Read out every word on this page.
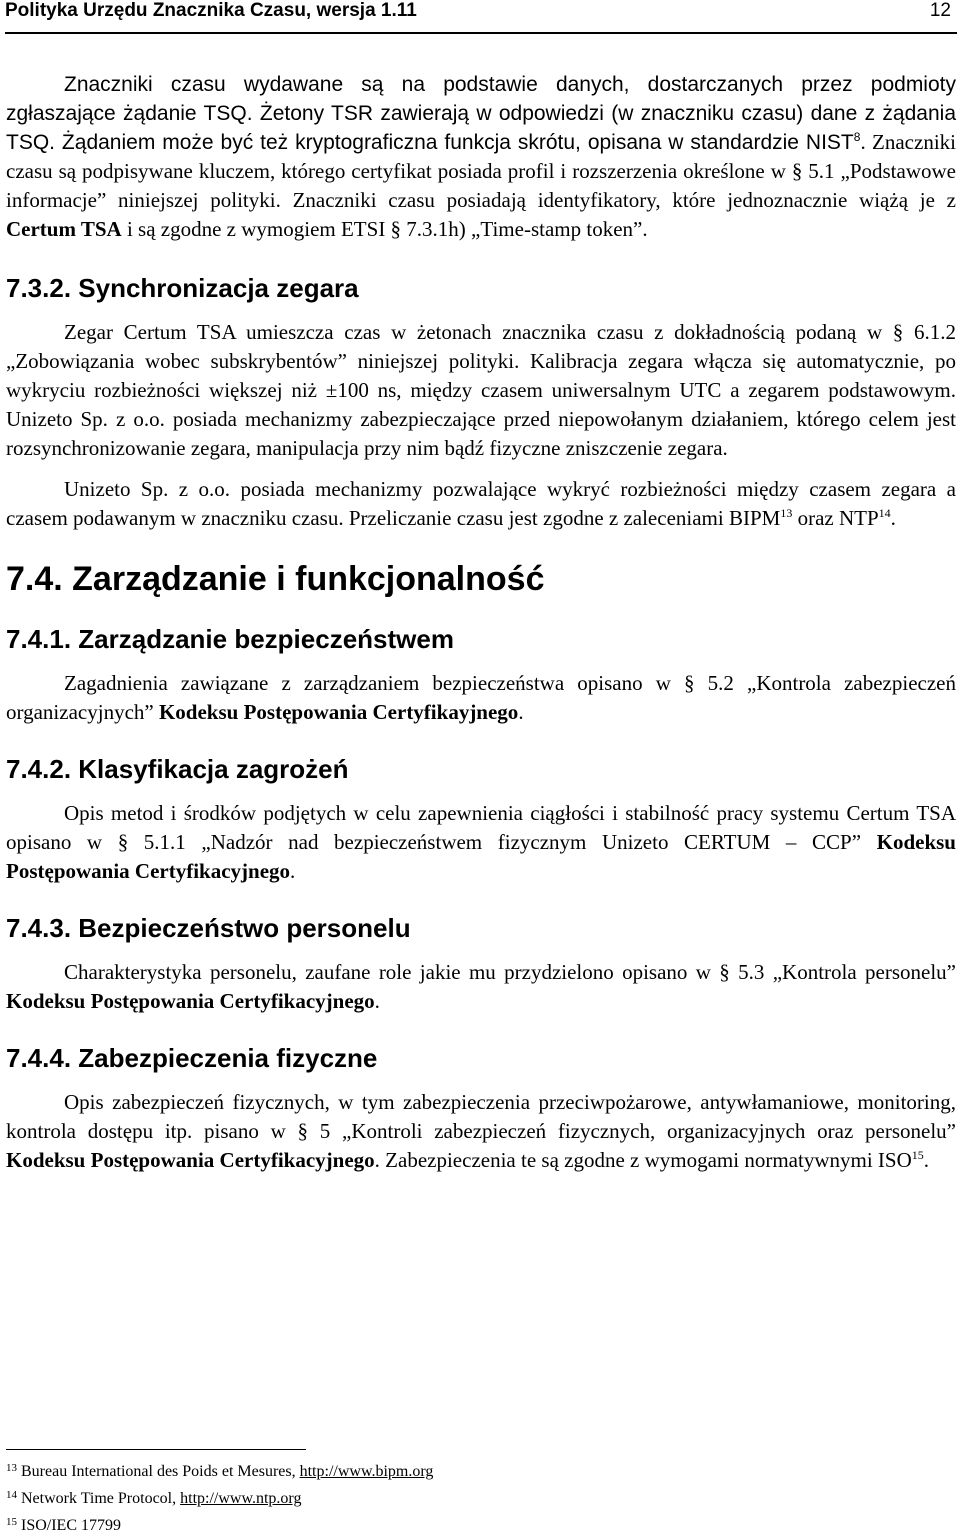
Polityka Urzędu Znacznika Czasu, wersja 1.11	12

Znaczniki czasu wydawane są na podstawie danych, dostarczanych przez podmioty zgłaszające żądanie TSQ. Żetony TSR zawierają w odpowiedzi (w znaczniku czasu) dane z żądania TSQ. Żądaniem może być też kryptograficzna funkcja skrótu, opisana w standardzie NIST$^8$. Znaczniki czasu są podpisywane kluczem, którego certyfikat posiada profil i rozszerzenia określone w § 5.1 „Podstawowe informacje” niniejszej polityki. Znaczniki czasu posiadają identyfikatory, które jednoznacznie wiążą je z Certum TSA i są zgodne z wymogiem ETSI § 7.3.1h) „Time-stamp token”.

7.3.2. Synchronizacja zegara

Zegar Certum TSA umieszcza czas w żetonach znacznika czasu z dokładnością podaną w § 6.1.2 „Zobowiązania wobec subskrybentów” niniejszej polityki. Kalibracja zegara włącza się automatycznie, po wykryciu rozbieżności większej niż ±100 ns, między czasem uniwersalnym UTC a zegarem podstawowym. Unizeto Sp. z o.o. posiada mechanizmy zabezpieczające przed niepowołanym działaniem, którego celem jest rozsynchronizowanie zegara, manipulacja przy nim bądź fizyczne zniszczenie zegara.

Unizeto Sp. z o.o. posiada mechanizmy pozwalające wykryć rozbieżności między czasem zegara a czasem podawanym w znaczniku czasu. Przeliczanie czasu jest zgodne z zaleceniami BIPM$^{13}$ oraz NTP$^{14}$.

7.4. Zarządzanie i funkcjonalność
7.4.1. Zarządzanie bezpieczeństwem

Zagadnienia zawiązane z zarządzaniem bezpieczeństwa opisano w § 5.2 „Kontrola zabezpieczeń organizacyjnych” Kodeksu Postępowania Certyfikayjnego.

7.4.2. Klasyfikacja zagrożeń

Opis metod i środków podjętych w celu zapewnienia ciągłości i stabilność pracy systemu Certum TSA opisano w § 5.1.1 „Nadzór nad bezpieczeństwem fizycznym Unizeto CERTUM – CCP” Kodeksu Postępowania Certyfikacyjnego.

7.4.3. Bezpieczeństwo personelu

Charakterystyka personelu, zaufane role jakie mu przydzielono opisano w § 5.3 „Kontrola personelu” Kodeksu Postępowania Certyfikacyjnego.

7.4.4. Zabezpieczenia fizyczne

Opis zabezpieczeń fizycznych, w tym zabezpieczenia przeciwpożarowe, antywłamaniowe, monitoring, kontrola dostępu itp. pisano w § 5 „Kontroli zabezpieczeń fizycznych, organizacyjnych oraz personelu” Kodeksu Postępowania Certyfikacyjnego. Zabezpieczenia te są zgodne z wymogami normatywnymi ISO$^{15}$.

$^{13}$ Bureau International des Poids et Mesures, http://www.bipm.org
$^{14}$ Network Time Protocol, http://www.ntp.org
$^{15}$ ISO/IEC 17799
